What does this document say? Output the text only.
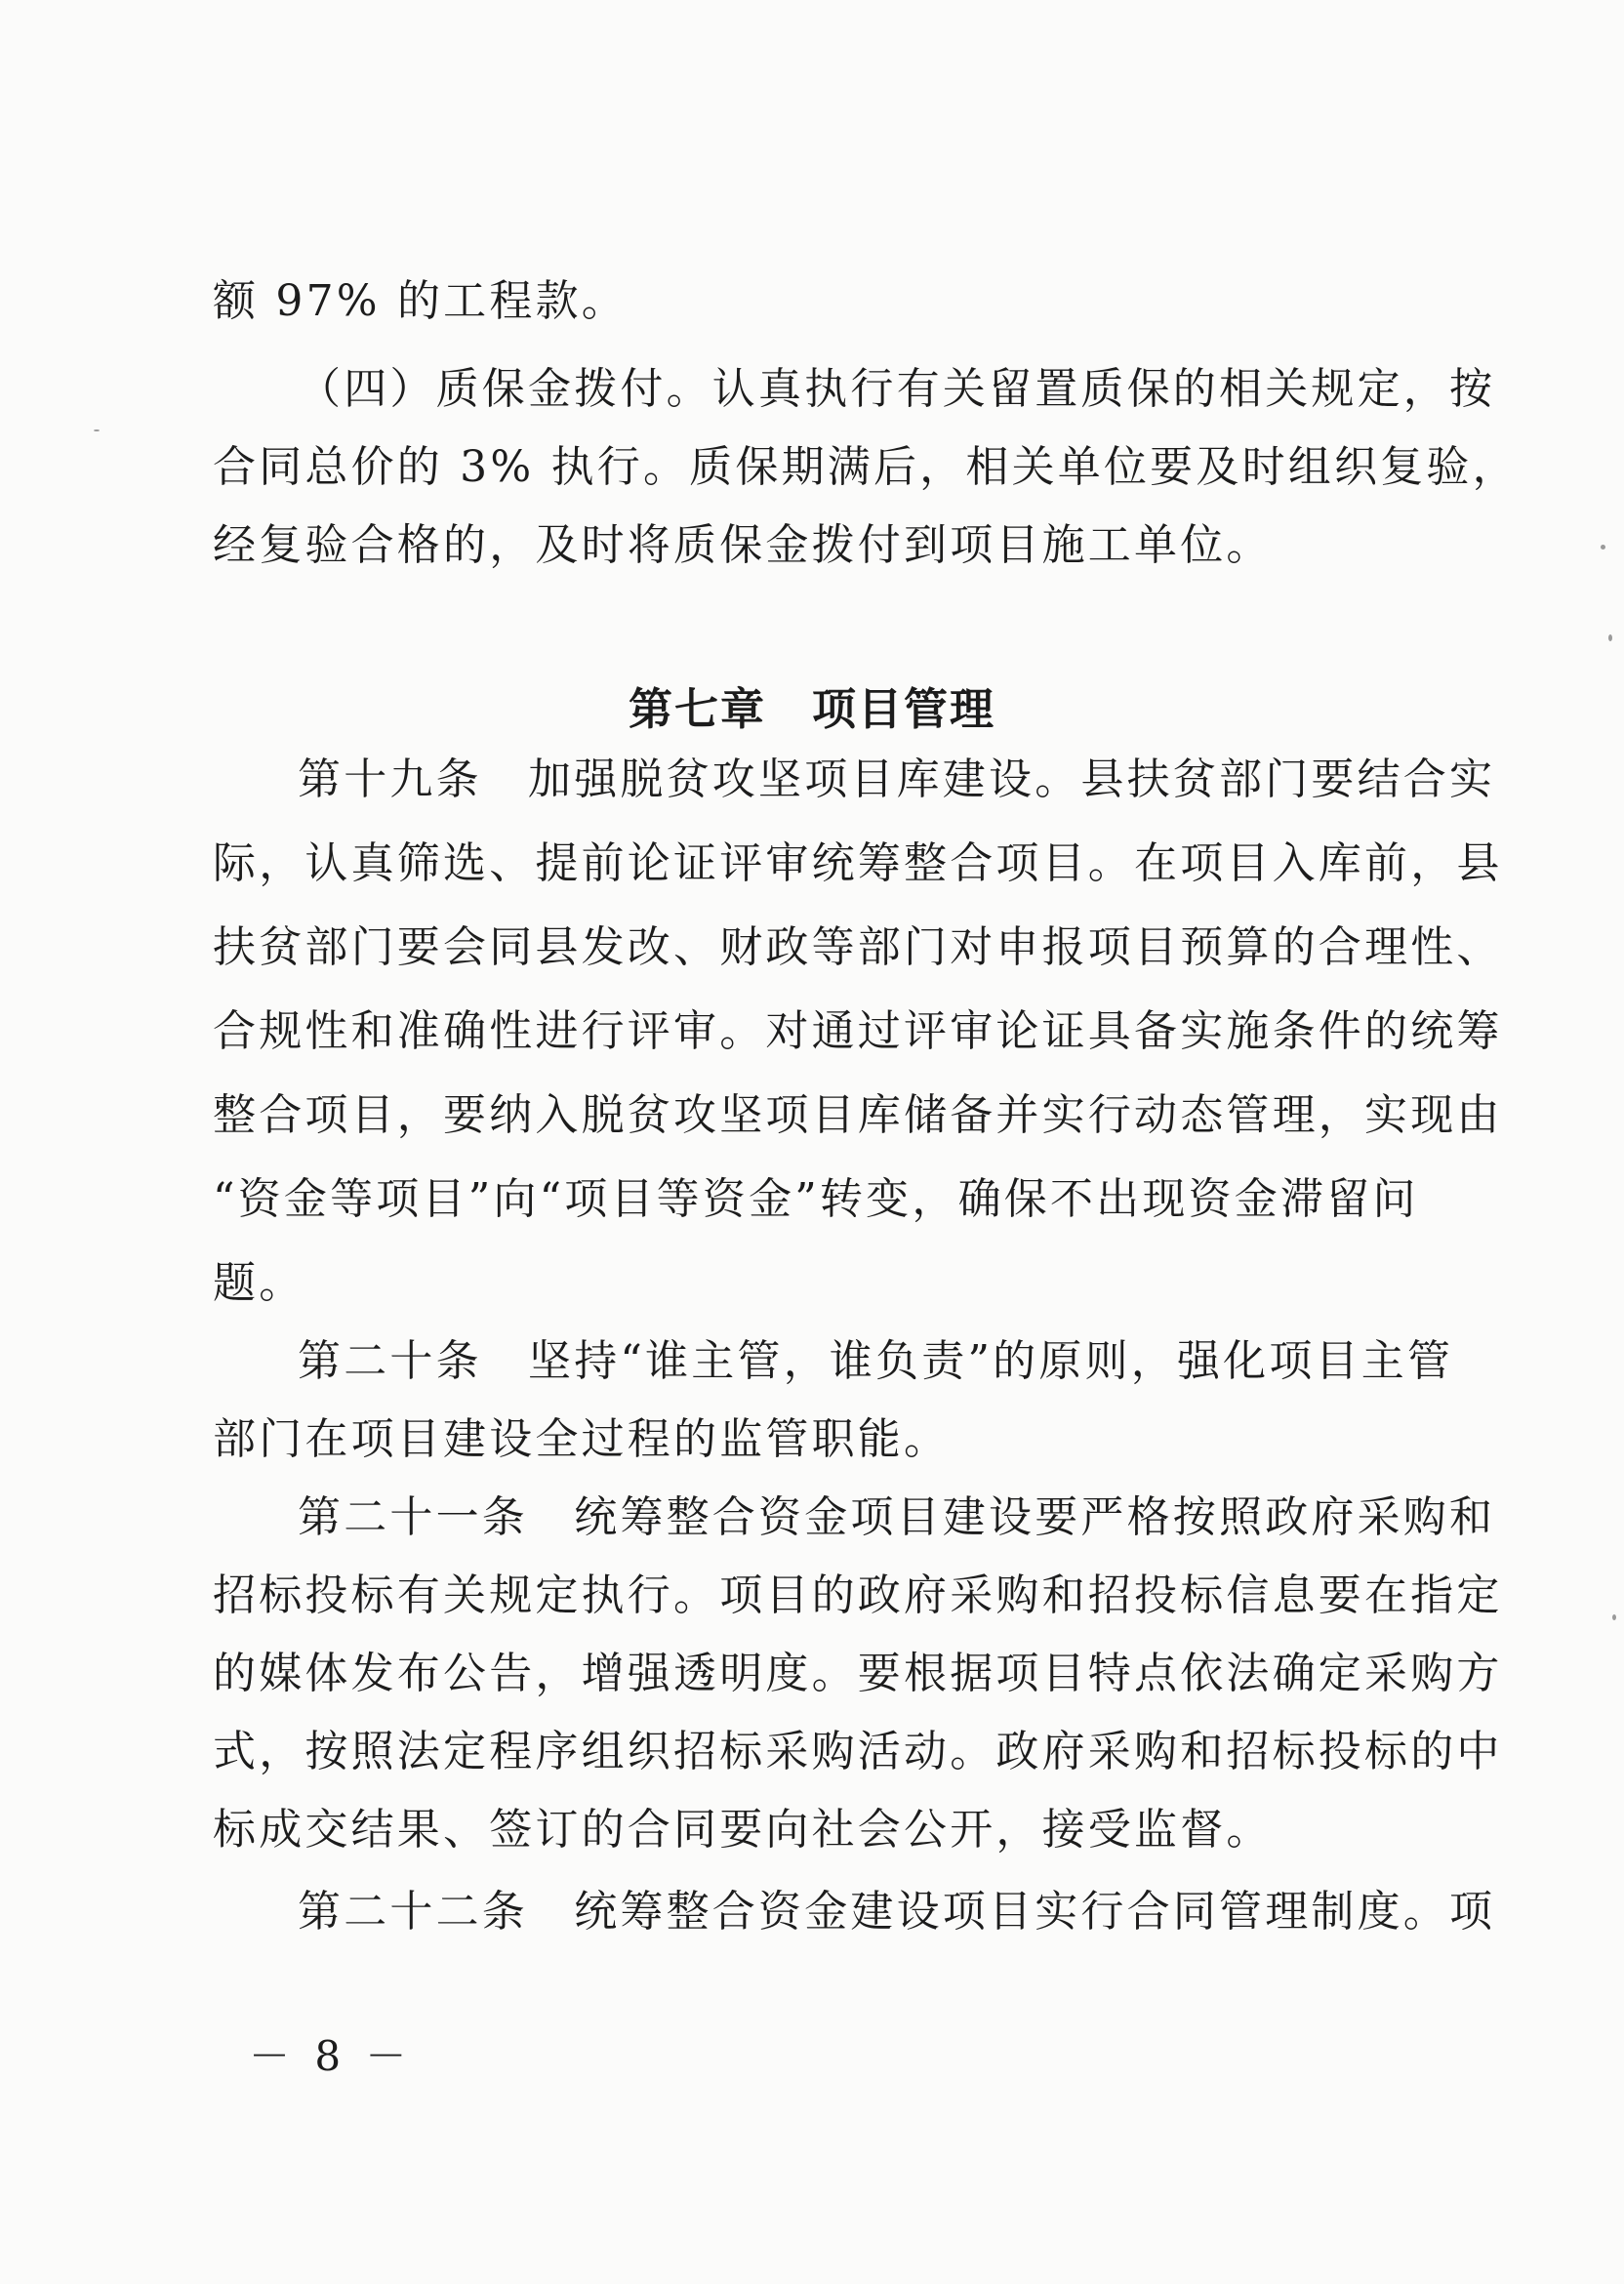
额 97% 的工程款。
（四）质保金拨付。认真执行有关留置质保的相关规定，按
合同总价的 3% 执行。质保期满后，相关单位要及时组织复验，
经复验合格的，及时将质保金拨付到项目施工单位。
第七章　项目管理
第十九条　加强脱贫攻坚项目库建设。县扶贫部门要结合实
际，认真筛选、提前论证评审统筹整合项目。在项目入库前，县
扶贫部门要会同县发改、财政等部门对申报项目预算的合理性、
合规性和准确性进行评审。对通过评审论证具备实施条件的统筹
整合项目，要纳入脱贫攻坚项目库储备并实行动态管理，实现由
“资金等项目”向“项目等资金”转变，确保不出现资金滞留问
题。
第二十条　坚持“谁主管，谁负责”的原则，强化项目主管
部门在项目建设全过程的监管职能。
第二十一条　统筹整合资金项目建设要严格按照政府采购和
招标投标有关规定执行。项目的政府采购和招投标信息要在指定
的媒体发布公告，增强透明度。要根据项目特点依法确定采购方
式，按照法定程序组织招标采购活动。政府采购和招标投标的中
标成交结果、签订的合同要向社会公开，接受监督。
第二十二条　统筹整合资金建设项目实行合同管理制度。项
－ 8 －
